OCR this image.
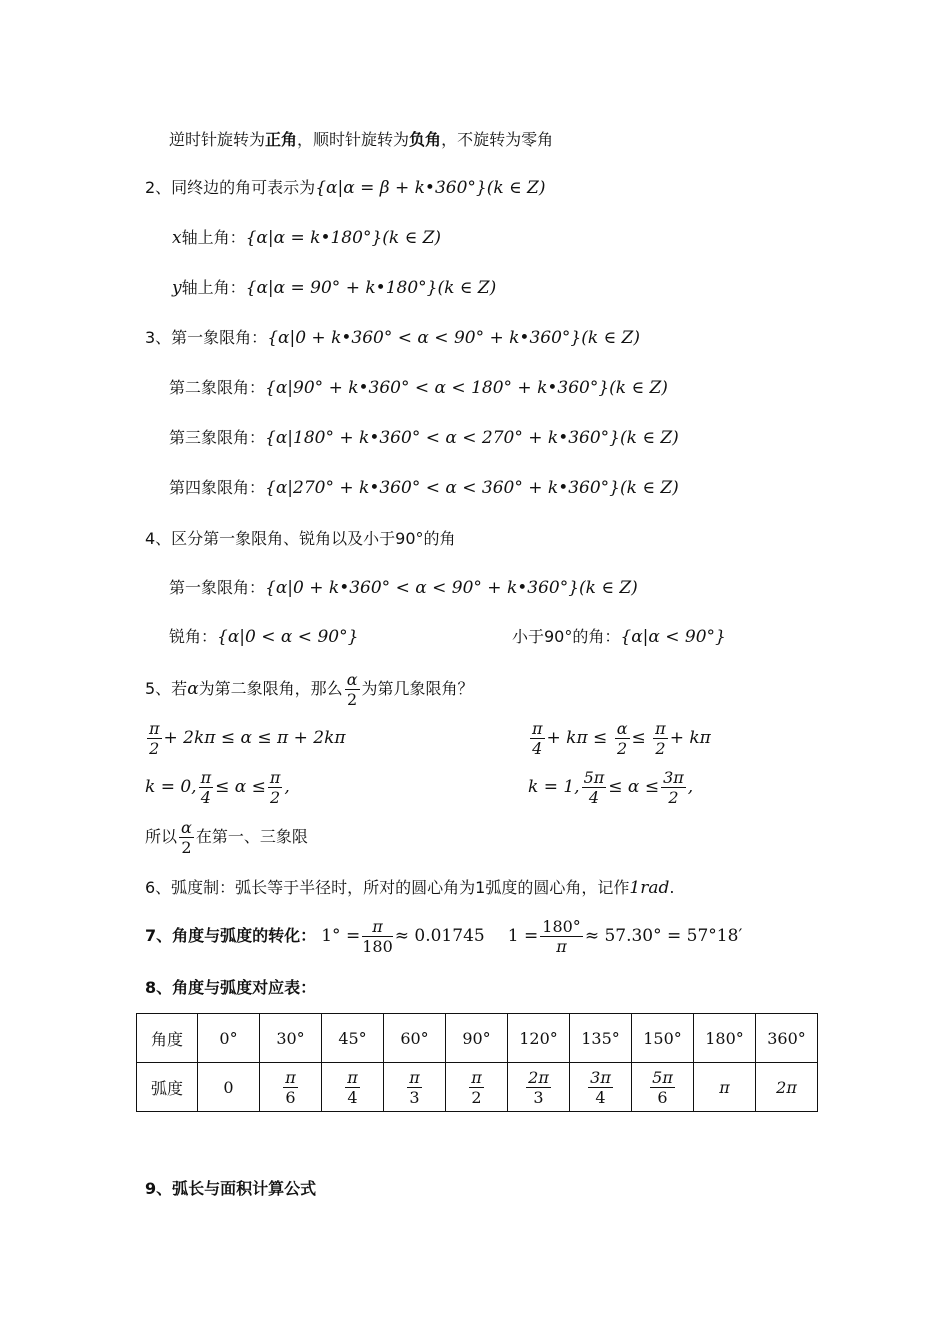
逆时针旋转为正角，顺时针旋转为负角，不旋转为零角
2、同终边的角可表示为{α|α = β + k•360°}(k ∈ Z)
x轴上角：{α|α = k•180°}(k ∈ Z)
y轴上角：{α|α = 90° + k•180°}(k ∈ Z)
3、第一象限角：{α|0 + k•360° < α < 90° + k•360°}(k ∈ Z)
第二象限角：{α|90° + k•360° < α < 180° + k•360°}(k ∈ Z)
第三象限角：{α|180° + k•360° < α < 270° + k•360°}(k ∈ Z)
第四象限角：{α|270° + k•360° < α < 360° + k•360°}(k ∈ Z)
4、区分第一象限角、锐角以及小于90°的角
第一象限角：{α|0 + k•360° < α < 90° + k•360°}(k ∈ Z)
锐角：{α|0 < α < 90°}	小于90°的角：{α|α < 90°}
5、若α为第二象限角，那么 $\frac{\alpha}{2}$ 为第几象限角？
$\frac{\pi}{2} + 2k\pi \le \alpha \le \pi + 2k\pi$	$\frac{\pi}{4} + k\pi \le \frac{\alpha}{2} \le \frac{\pi}{2} + k\pi$
k = 0, $\frac{\pi}{4} \le \alpha \le \frac{\pi}{2}$ ,	k = 1, $\frac{5\pi}{4} \le \alpha \le \frac{3\pi}{2}$ ,
所以 $\frac{\alpha}{2}$ 在第一、三象限
6、弧度制：弧长等于半径时，所对的圆心角为1弧度的圆心角，记作1rad.
7、角度与弧度的转化： $1^\circ = \frac{\pi}{180} \approx 0.01745$ $1 = \frac{180^\circ}{\pi} \approx 57.30^\circ = 57^\circ 18'$
8、角度与弧度对应表：
角度	0°	30°	45°	60°	90°	120°	135°	150°	180°	360°
弧度	0	$\frac{\pi}{6}$	$\frac{\pi}{4}$	$\frac{\pi}{3}$	$\frac{\pi}{2}$	$\frac{2\pi}{3}$	$\frac{3\pi}{4}$	$\frac{5\pi}{6}$	π	2π
9、弧长与面积计算公式
